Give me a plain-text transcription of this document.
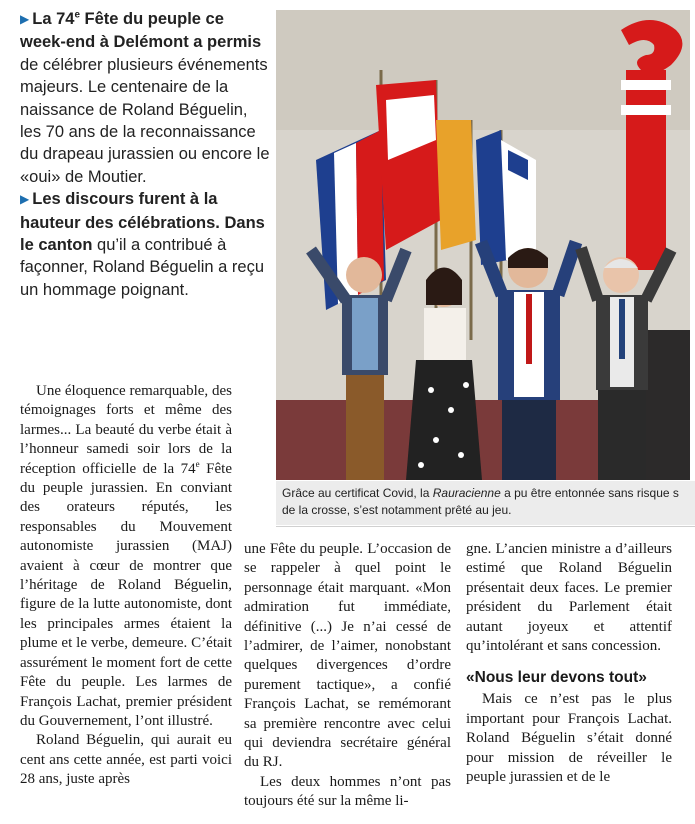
▶ La 74e Fête du peuple ce week-end à Delémont a permis de célébrer plusieurs événements majeurs. Le centenaire de la naissance de Roland Béguelin, les 70 ans de la reconnaissance du drapeau jurassien ou encore le «oui» de Moutier.

▶ Les discours furent à la hauteur des célébrations. Dans le canton qu’il a contribué à façonner, Roland Béguelin a reçu un hommage poignant.

Grâce au certificat Covid, la Rauracienne a pu être entonnée sans risque s
de la crosse, s’est notamment prêté au jeu.

Une éloquence remarquable, des témoignages forts et même des larmes... La beauté du verbe était à l’honneur samedi soir lors de la réception officielle de la 74e Fête du peuple jurassien. En conviant des orateurs réputés, les responsables du Mouvement autonomiste jurassien (MAJ) avaient à cœur de montrer que l’héritage de Roland Béguelin, figure de la lutte autonomiste, dont les principales armes étaient la plume et le verbe, demeure. C’était assurément le moment fort de cette Fête du peuple. Les larmes de François Lachat, premier président du Gouvernement, l’ont illustré.

Roland Béguelin, qui aurait eu cent ans cette année, est parti voici 28 ans, juste après

une Fête du peuple. L’occasion de se rappeler à quel point le personnage était marquant. «Mon admiration fut immédiate, définitive (...) Je n’ai cessé de l’admirer, de l’aimer, nonobstant quelques divergences d’ordre purement tactique», a confié François Lachat, se remémorant sa première rencontre avec celui qui deviendra secrétaire général du RJ.

Les deux hommes n’ont pas toujours été sur la même li-

gne. L’ancien ministre a d’ailleurs estimé que Roland Béguelin présentait deux faces. Le premier président du Parlement était autant joyeux et attentif qu’intolérant et sans concession.

«Nous leur devons tout»

Mais ce n’est pas le plus important pour François Lachat. Roland Béguelin s’était donné pour mission de réveiller le peuple jurassien et de le
